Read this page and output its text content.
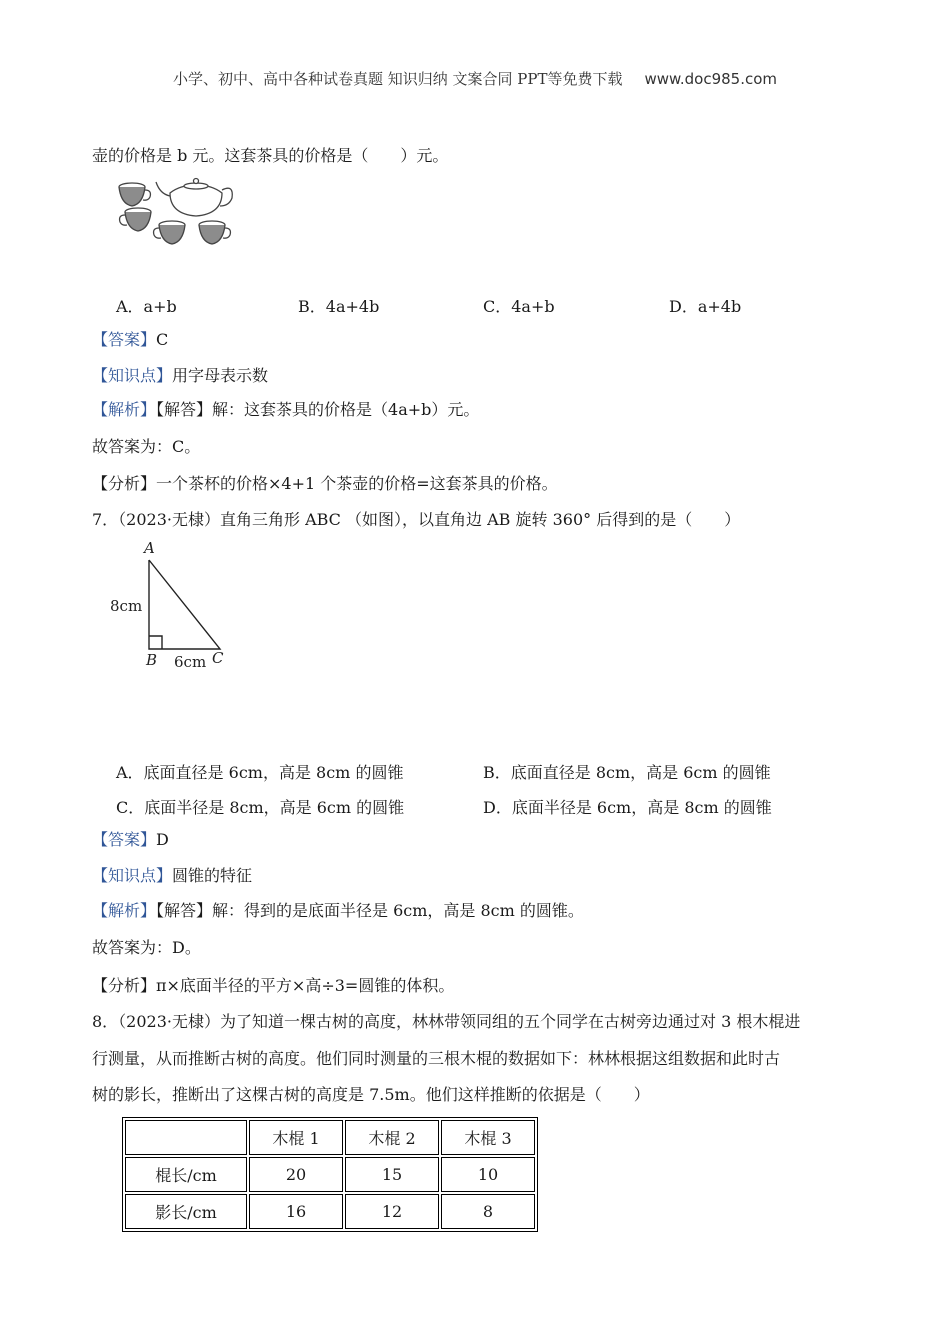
小学、初中、高中各种试卷真题 知识归纳 文案合同 PPT等免费下载 www.doc985.com
壶的价格是 b 元。这套茶具的价格是（　　）元。
A．a+b	B．4a+4b	C．4a+b	D．a+4b
【答案】C
【知识点】用字母表示数
【解析】【解答】解：这套茶具的价格是（4a+b）元。
故答案为：C。
【分析】一个茶杯的价格×4+1 个茶壶的价格=这套茶具的价格。
7．（2023·无棣）直角三角形 ABC （如图），以直角边 AB 旋转 360° 后得到的是（　　）
A
B	C
8cm
6cm
A．底面直径是 6cm，高是 8cm 的圆锥	B．底面直径是 8cm，高是 6cm 的圆锥
C．底面半径是 8cm，高是 6cm 的圆锥	D．底面半径是 6cm，高是 8cm 的圆锥
【答案】D
【知识点】圆锥的特征
【解析】【解答】解：得到的是底面半径是 6cm，高是 8cm 的圆锥。
故答案为：D。
【分析】π×底面半径的平方×高÷3=圆锥的体积。
8．（2023·无棣）为了知道一棵古树的高度，林林带领同组的五个同学在古树旁边通过对 3 根木棍进
行测量，从而推断古树的高度。他们同时测量的三根木棍的数据如下：林林根据这组数据和此时古
树的影长，推断出了这棵古树的高度是 7.5m。他们这样推断的依据是（　　）
	木棍 1	木棍 2	木棍 3
棍长/cm	20	15	10
影长/cm	16	12	8
